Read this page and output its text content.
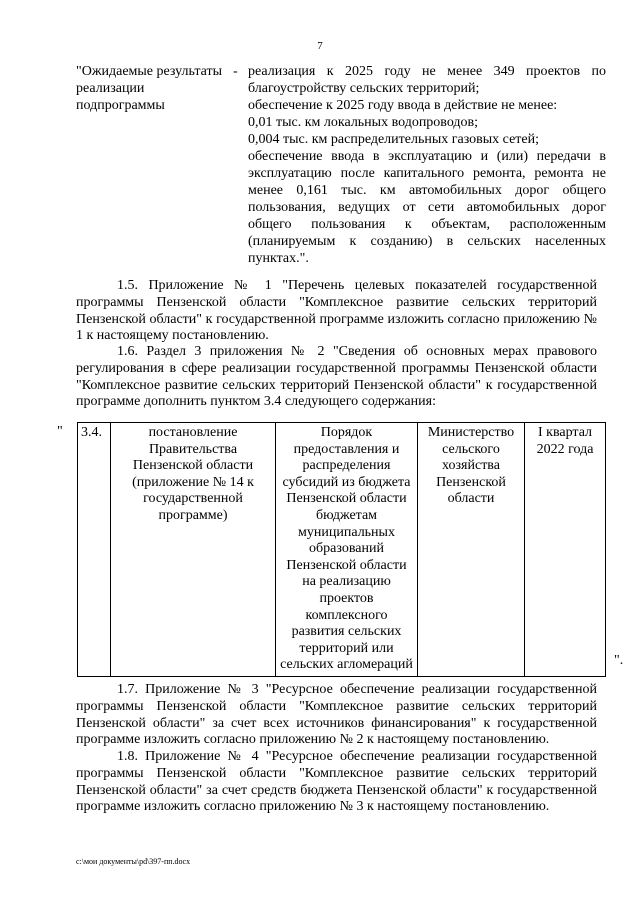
7
"Ожидаемые результаты реализации подпрограммы
- реализация к 2025 году не менее 349 проектов по благоустройству сельских территорий;

обеспечение к 2025 году ввода в действие не менее:

0,01 тыс. км локальных водопроводов;

0,004 тыс. км распределительных газовых сетей;

обеспечение ввода в эксплуатацию и (или) передачи в эксплуатацию после капитального ремонта, ремонта не менее 0,161 тыс. км автомобильных дорог общего пользования, ведущих от сети автомобильных дорог общего пользования к объектам, расположенным (планируемым к созданию) в сельских населенных пунктах.".

1.5. Приложение № 1 "Перечень целевых показателей государственной программы Пензенской области "Комплексное развитие сельских территорий Пензенской области" к государственной программе изложить согласно приложению № 1 к настоящему постановлению.

1.6. Раздел 3 приложения № 2 "Сведения об основных мерах правового регулирования в сфере реализации государственной программы Пензенской области "Комплексное развитие сельских территорий Пензенской области" к государственной программе дополнить пунктом 3.4 следующего содержания:

" 3.4.	постановление Правительства Пензенской области (приложение № 14 к государственной программе)	Порядок предоставления и распределения субсидий из бюджета Пензенской области бюджетам муниципальных образований Пензенской области на реализацию проектов комплексного развития сельских территорий или сельских агломераций	Министерство сельского хозяйства Пензенской области	I квартал 2022 года
".

1.7. Приложение № 3 "Ресурсное обеспечение реализации государственной программы Пензенской области "Комплексное развитие сельских территорий Пензенской области" за счет всех источников финансирования" к государственной программе изложить согласно приложению № 2 к настоящему постановлению.

1.8. Приложение № 4 "Ресурсное обеспечение реализации государственной программы Пензенской области "Комплексное развитие сельских территорий Пензенской области" за счет средств бюджета Пензенской области" к государственной программе изложить согласно приложению № 3 к настоящему постановлению.

c:\мои документы\pd\397-пп.docx
